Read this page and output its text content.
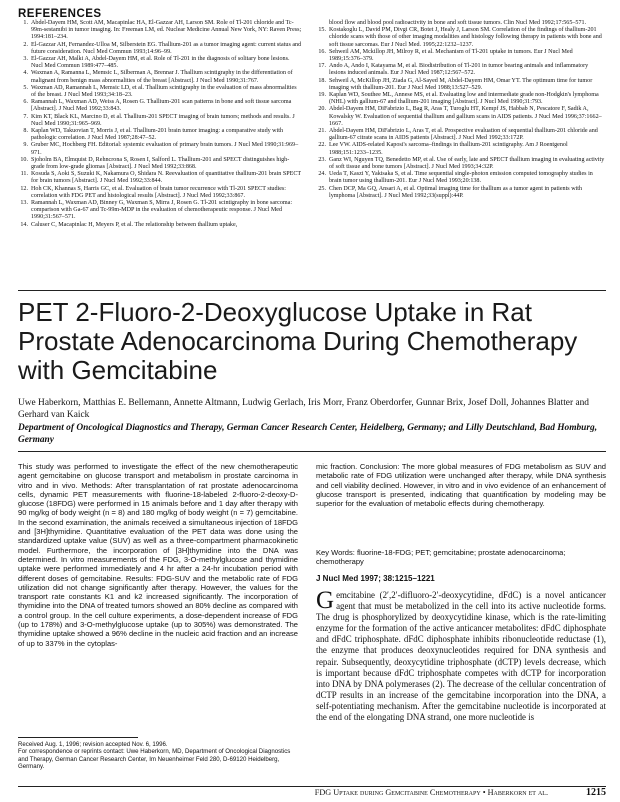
REFERENCES
1. Abdel-Dayem HM, Scott AM, Macapinlac HA, El-Gazzar AH, Larson SM. Role of Tl-201 chloride and Tc-99m-sestamibi in tumor imaging. In: Freeman LM, ed. Nuclear Medicine Annual New York, NY: Raven Press; 1994:181–234.
2. El-Gazzar AH, Fernandez-Ulloa M, Silberstein EG. Thallium-201 as a tumor imaging agent: current status and future consideration. Nucl Med Commun 1993;14:96–99.
3. El-Gazzar AH, Malki A, Abdel-Dayem HM, et al. Role of Tl-201 in the diagnosis of solitary bone lesions. Nucl Med Commun 1989:477–485.
4. Waxman A, Ramanna L, Memsic L, Silberman A, Brennar J. Thallium scintigraphy in the differentiation of malignant from benign mass abnormalities of the breast [Abstract]. J Nucl Med 1990;31:767.
5. Waxman AD, Ramannah L, Memsic LD, et al. Thallium scintigraphy in the evaluation of mass abnormalities of the breast. J Nucl Med 1993;34:18–23.
6. Ramannah L, Waxman AD, Weiss A, Rosen G. Thallium-201 scan patterns in bone and soft tissue sarcoma [Abstract]. J Nucl Med 1992;33:843.
7. Kim KT, Black KL, Marcino D, et al. Thallium-201 SPECT imaging of brain tumors; methods and results. J Nucl Med 1990;31:965–969.
8. Kaplan WD, Takuovian T, Morris J, et al. Thallium-201 brain tumor imaging: a comparative study with pathologic correlation. J Nucl Med 1987;28:47–52.
9. Gruber MC, Hochberg FH. Editorial: systemic evaluation of primary brain tumors. J Nucl Med 1990;31:969–971.
10. Sjoholm BA, Elmquist D, Rehncrona S, Rosen I, Salford L. Thallium-201 and SPECT distinguishes high-grade from low-grade gliomas [Abstract]. J Nucl Med 1992;33:868.
11. Kosuda S, Aoki S, Suzuki K, Nakamura O, Shidara N. Reevaluation of quantitative thallium-201 brain SPECT for brain tumors [Abstract]. J Nucl Med 1992;33:844.
12. Hoh CK, Khannas S, Harris GC, et al. Evaluation of brain tumor recurrence with Tl-201 SPECT studies: correlation with FDG PET and histological results [Abstract]. J Nucl Med 1992;33:867.
13. Ramannah L, Waxman AD, Binney G, Waxman S, Mirra J, Rosen G. Tl-201 scintigraphy in bone sarcoma: comparison with Ga-67 and Tc-99m-MDP in the evaluation of chemotherapeutic response. J Nucl Med 1990;31:567–571.
14. Caluser C, Macapinlac H, Meyers P, et al. The relationship between thallium uptake,
blood flow and blood pool radioactivity in bone and soft tissue tumors. Clin Nucl Med 1992;17:565–571.
15. Kostakoglu L, David PM, Divgi CR, Botet J, Healy J, Larson SM. Correlation of the findings of thallium-201 chloride scans with those of other imaging modalities and histology following therapy in patients with bone and soft tissue sarcomas. Eur J Nucl Med. 1995;22:1232–1237.
16. Sehweil AM, Mckillop JH, Milroy R, et al. Mechanism of Tl-201 uptake in tumors. Eur J Nucl Med 1989;15:376–379.
17. Ando A, Ando I, Katayama M, et al. Biodistribution of Tl-201 in tumor bearing animals and inflammatory lesions induced animals. Eur J Nucl Med 1987;12:567–572.
18. Sehweil A, McKillop JH, Ziada G, Al-Sayed M, Abdel-Dayem HM, Omar YT. The optimum time for tumor imaging with thallium-201. Eur J Nucl Med 1988;13:527–529.
19. Kaplan WD, Southee ML, Annese MS, et al. Evaluating low and intermediate grade non-Hodgkin's lymphoma (NHL) with gallium-67 and thallium-201 imaging [Abstract]. J Nucl Med 1990;31:793.
20. Abdel-Dayem HM, DiFabrizio L, Bag R, Aras T, Turoglu HT, Kempf JS, Habbab N, Pescatore F, Sadik A, Kowalsky W. Evaluation of sequential thallium and gallium scans in AIDS patients. J Nucl Med 1996;37:1662–1667.
21. Abdel-Dayem HM, DiFabrizio L, Aras T, et al. Prospective evaluation of sequential thallium-201 chloride and gallium-67 citrate scans in AIDS patients [Abstract]. J Nucl Med 1992;33:172P.
22. Lee VW. AIDS-related Kaposi's sarcoma–findings in thallium-201 scintigraphy. Am J Roentgenol 1988;151:1233–1235.
23. Ganz WI, Nguyen TQ, Benedetto MP, et al. Use of early, late and SPECT thallium imaging in evaluating activity of soft tissue and bone tumors [Abstract]. J Nucl Med 1993;34:32P.
24. Ueda T, Kaszi Y, Yakisaka S, et al. Time sequential single-photon emission computed tomography studies in brain tumor using thallium-201. Eur J Nucl Med 1993;20:138.
25. Chen DCP, Ma GQ, Ansari A, et al. Optimal imaging time for thallium as a tumor agent in patients with lymphoma [Abstract]. J Nucl Med 1992;33(suppl):44P.
PET 2-Fluoro-2-Deoxyglucose Uptake in Rat Prostate Adenocarcinoma During Chemotherapy with Gemcitabine
Uwe Haberkorn, Matthias E. Bellemann, Annette Altmann, Ludwig Gerlach, Iris Morr, Franz Oberdorfer, Gunnar Brix, Josef Doll, Johannes Blatter and Gerhard van Kaick
Department of Oncological Diagnostics and Therapy, German Cancer Research Center, Heidelberg, Germany; and Lilly Deutschland, Bad Homburg, Germany
This study was performed to investigate the effect of the new chemotherapeutic agent gemcitabine on glucose transport and metabolism in prostate carcinoma in vitro and in vivo. Methods: After transplantation of rat prostate adenocarcinoma cells, dynamic PET measurements with fluorine-18-labeled 2-fluoro-2-deoxy-D-glucose (18FDG) were performed in 15 animals before and 1 day after therapy with 90 mg/kg of body weight (n = 8) and 180 mg/kg of body weight (n = 7) gemcitabine. In the second examination, the animals received a simultaneous injection of 18FDG and [3H]thymidine. Quantitative evaluation of the PET data was done using the standardized uptake value (SUV) as well as a three-compartment pharmacokinetic model. Furthermore, the incorporation of [3H]thymidine into the DNA was determined. In vitro measurements of the FDG, 3-O-methylglucose and thymidine uptake were performed immediately and 4 hr after a 24-hr incubation period with different doses of gemcitabine. Results: FDG-SUV and the metabolic rate of FDG utilization did not change significantly after therapy. However, the values for the transport rate constants K1 and k2 increased significantly. The incorporation of thymidine into the DNA of treated tumors showed an 80% decline as compared with a control group. In the cell culture experiments, a dose-dependent increase of FDG (up to 178%) and 3-O-methylglucose uptake (up to 305%) was demonstrated. The thymidine uptake showed a 96% decline in the nucleic acid fraction and an increase of up to 337% in the cytoplas-
mic fraction. Conclusion: The more global measures of FDG metabolism as SUV and metabolic rate of FDG utilization were unchanged after therapy, while DNA synthesis and cell viability declined. However, in vitro and in vivo evidence of an enhancement of glucose transport is presented, indicating that quantification by modeling may be superior for the evaluation of metabolic effects during chemotherapy.
Key Words: fluorine-18-FDG; PET; gemcitabine; prostate adenocarcinoma; chemotherapy
J Nucl Med 1997; 38:1215–1221
Gemcitabine (2′,2′-difluoro-2′-deoxycytidine, dFdC) is a novel anticancer agent that must be metabolized in the cell into its active nucleotide forms. The drug is phosphorylized by deoxycytidine kinase, which is the rate-limiting enzyme for the formation of the active anticancer metabolites: dFdC diphosphate and dFdC triphosphate. dFdC diphosphate inhibits ribonucleotide reductase (1), the enzyme that produces deoxynucleotides required for DNA synthesis and repair. Subsequently, deoxycytidine triphosphate (dCTP) levels decrease, which is important because dFdC triphosphate competes with dCTP for incorporation into DNA by DNA polymerases (2). The decrease of the cellular concentration of dCTP results in an increase of the gemcitabine incorporation into the DNA, a self-potentiating mechanism. After the gemcitabine nucleotide is incorporated at the end of the elongating DNA strand, one more nucleotide is
Received Aug. 1, 1996; revision accepted Nov. 6, 1996.
For correspondence or reprints contact: Uwe Haberkorn, MD, Department of Oncological Diagnostics and Therapy, German Cancer Research Center, Im Neuenheimer Feld 280, D-69120 Heidelberg, Germany.
FDG Uptake during Gemcitabine Chemotherapy • Haberkorn et al.	1215
